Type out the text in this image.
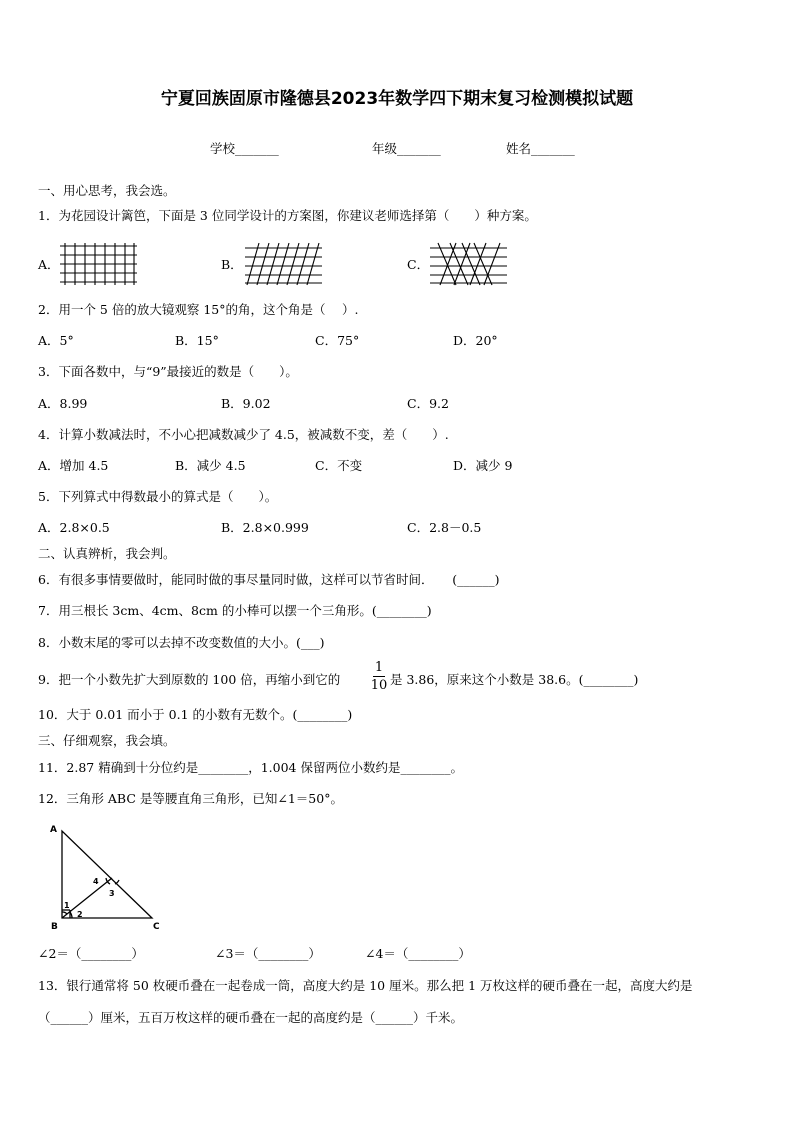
宁夏回族固原市隆德县2023年数学四下期末复习检测模拟试题
学校_______	年级_______	姓名_______
一、用心思考，我会选。
1．为花园设计篱笆，下面是 3 位同学设计的方案图，你建议老师选择第（　　）种方案。
A．	B．	C．
2．用一个 5 倍的放大镜观察 15°的角，这个角是（　 ）.
A．5°	B．15°	C．75°	D．20°
3．下面各数中，与“9”最接近的数是（　　）。
A．8.99	B．9.02	C．9.2
4．计算小数减法时，不小心把减数减少了 4.5，被减数不变，差（　　）.
A．增加 4.5	B．减少 4.5	C．不变	D．减少 9
5．下列算式中得数最小的算式是（　　）。
A．2.8×0.5	B．2.8×0.999	C．2.8－0.5
二、认真辨析，我会判。
6．有很多事情要做时，能同时做的事尽量同时做，这样可以节省时间．　　(______)
7．用三根长 3cm、4cm、8cm 的小棒可以摆一个三角形。(________)
8．小数末尾的零可以去掉不改变数值的大小。(___)
9．把一个小数先扩大到原数的 100 倍，再缩小到它的
1
10 是 3.86，原来这个小数是 38.6。(________)
10．大于 0.01 而小于 0.1 的小数有无数个。(________)
三、仔细观察，我会填。
11．2.87 精确到十分位约是________，1.004 保留两位小数约是________。
12．三角形 ABC 是等腰直角三角形，已知∠1＝50°。
A
B	C
1
2
3
4
∠2＝（________）	∠3＝（________）	∠4＝（________）
13．银行通常将 50 枚硬币叠在一起卷成一筒，高度大约是 10 厘米。那么把 1 万枚这样的硬币叠在一起，高度大约是
（______）厘米，五百万枚这样的硬币叠在一起的高度约是（______）千米。
